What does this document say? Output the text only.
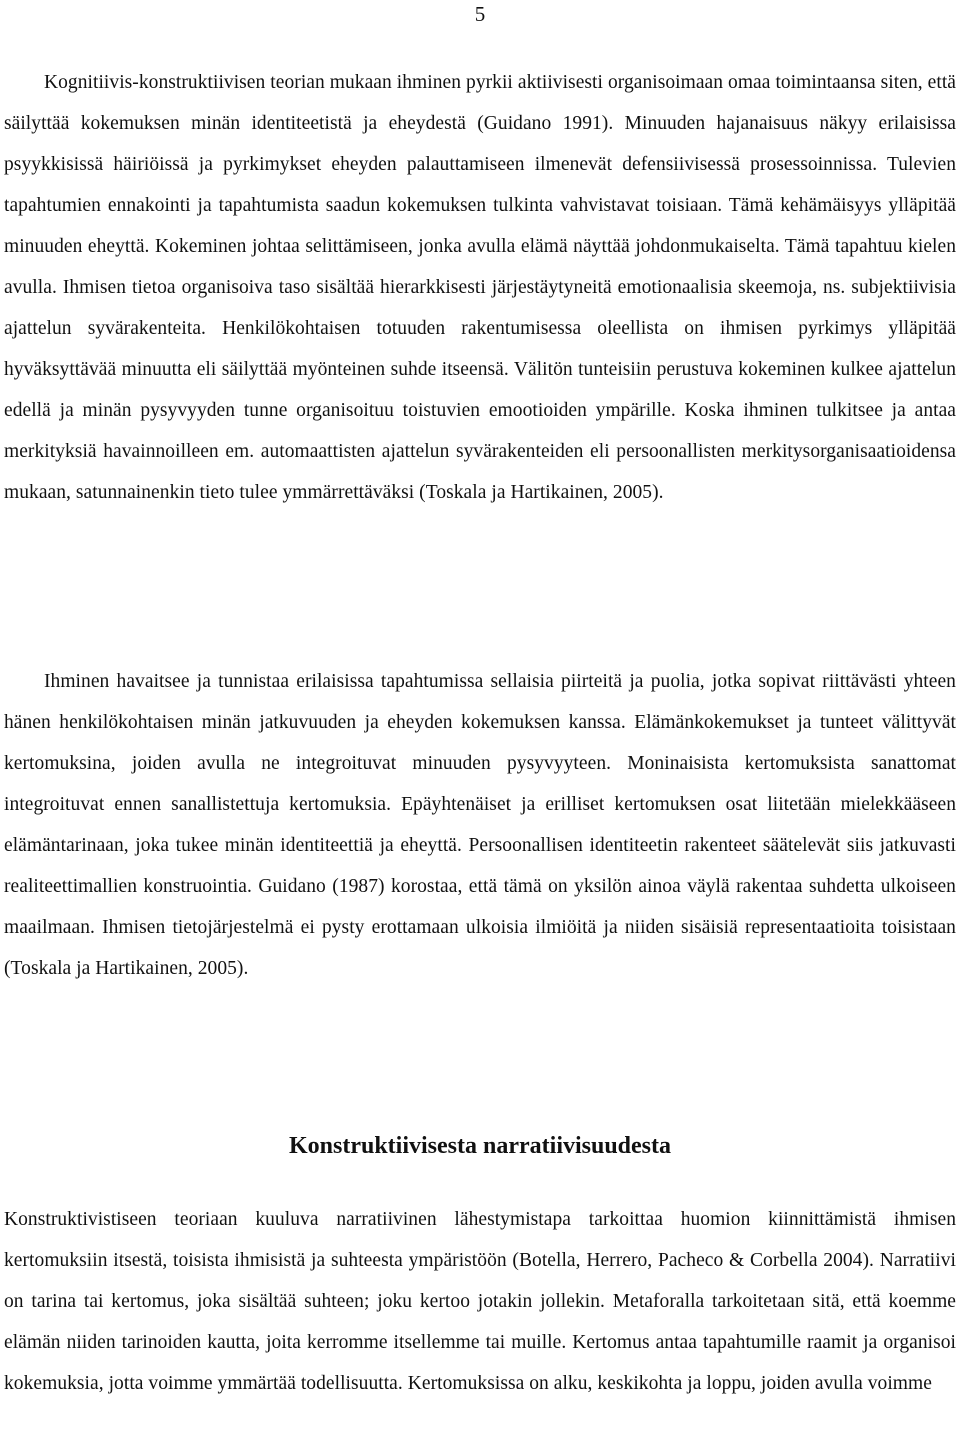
5

Kognitiivis-konstruktiivisen teorian mukaan ihminen pyrkii aktiivisesti organisoimaan omaa toimintaansa siten, että säilyttää kokemuksen minän identiteetistä ja eheydestä (Guidano 1991). Minuuden hajanaisuus näkyy erilaisissa psyykkisissä häiriöissä ja pyrkimykset eheyden palauttamiseen ilmenevät defensiivisessä prosessoinnissa. Tulevien tapahtumien ennakointi ja tapahtumista saadun kokemuksen tulkinta vahvistavat toisiaan. Tämä kehämäisyys ylläpitää minuuden eheyttä. Kokeminen johtaa selittämiseen, jonka avulla elämä näyttää johdonmukaiselta. Tämä tapahtuu kielen avulla. Ihmisen tietoa organisoiva taso sisältää hierarkkisesti järjestäytyneitä emotionaalisia skeemoja, ns. subjektiivisia ajattelun syvärakenteita. Henkilökohtaisen totuuden rakentumisessa oleellista on ihmisen pyrkimys ylläpitää hyväksyttävää minuutta eli säilyttää myönteinen suhde itseensä. Välitön tunteisiin perustuva kokeminen kulkee ajattelun edellä ja minän pysyvyyden tunne organisoituu toistuvien emootioiden ympärille. Koska ihminen tulkitsee ja antaa merkityksiä havainnoilleen em. automaattisten ajattelun syvärakenteiden eli persoonallisten merkitysorganisaatioidensa mukaan, satunnainenkin tieto tulee ymmärrettäväksi (Toskala ja Hartikainen, 2005).

Ihminen havaitsee ja tunnistaa erilaisissa tapahtumissa sellaisia piirteitä ja puolia, jotka sopivat riittävästi yhteen hänen henkilökohtaisen minän jatkuvuuden ja eheyden kokemuksen kanssa. Elämänkokemukset ja tunteet välittyvät kertomuksina, joiden avulla ne integroituvat minuuden pysyvyyteen. Moninaisista kertomuksista sanattomat integroituvat ennen sanallistettuja kertomuksia. Epäyhtenäiset ja erilliset kertomuksen osat liitetään mielekkääseen elämäntarinaan, joka tukee minän identiteettiä ja eheyttä. Persoonallisen identiteetin rakenteet säätelevät siis jatkuvasti realiteettimallien konstruointia. Guidano (1987) korostaa, että tämä on yksilön ainoa väylä rakentaa suhdetta ulkoiseen maailmaan. Ihmisen tietojärjestelmä ei pysty erottamaan ulkoisia ilmiöitä ja niiden sisäisiä representaatioita toisistaan (Toskala ja Hartikainen, 2005).

Konstruktiivisesta narratiivisuudesta

Konstruktivistiseen teoriaan kuuluva narratiivinen lähestymistapa tarkoittaa huomion kiinnittämistä ihmisen kertomuksiin itsestä, toisista ihmisistä ja suhteesta ympäristöön (Botella, Herrero, Pacheco & Corbella 2004). Narratiivi on tarina tai kertomus, joka sisältää suhteen; joku kertoo jotakin jollekin. Metaforalla tarkoitetaan sitä, että koemme elämän niiden tarinoiden kautta, joita kerromme itsellemme tai muille. Kertomus antaa tapahtumille raamit ja organisoi kokemuksia, jotta voimme ymmärtää todellisuutta. Kertomuksissa on alku, keskikohta ja loppu, joiden avulla voimme
